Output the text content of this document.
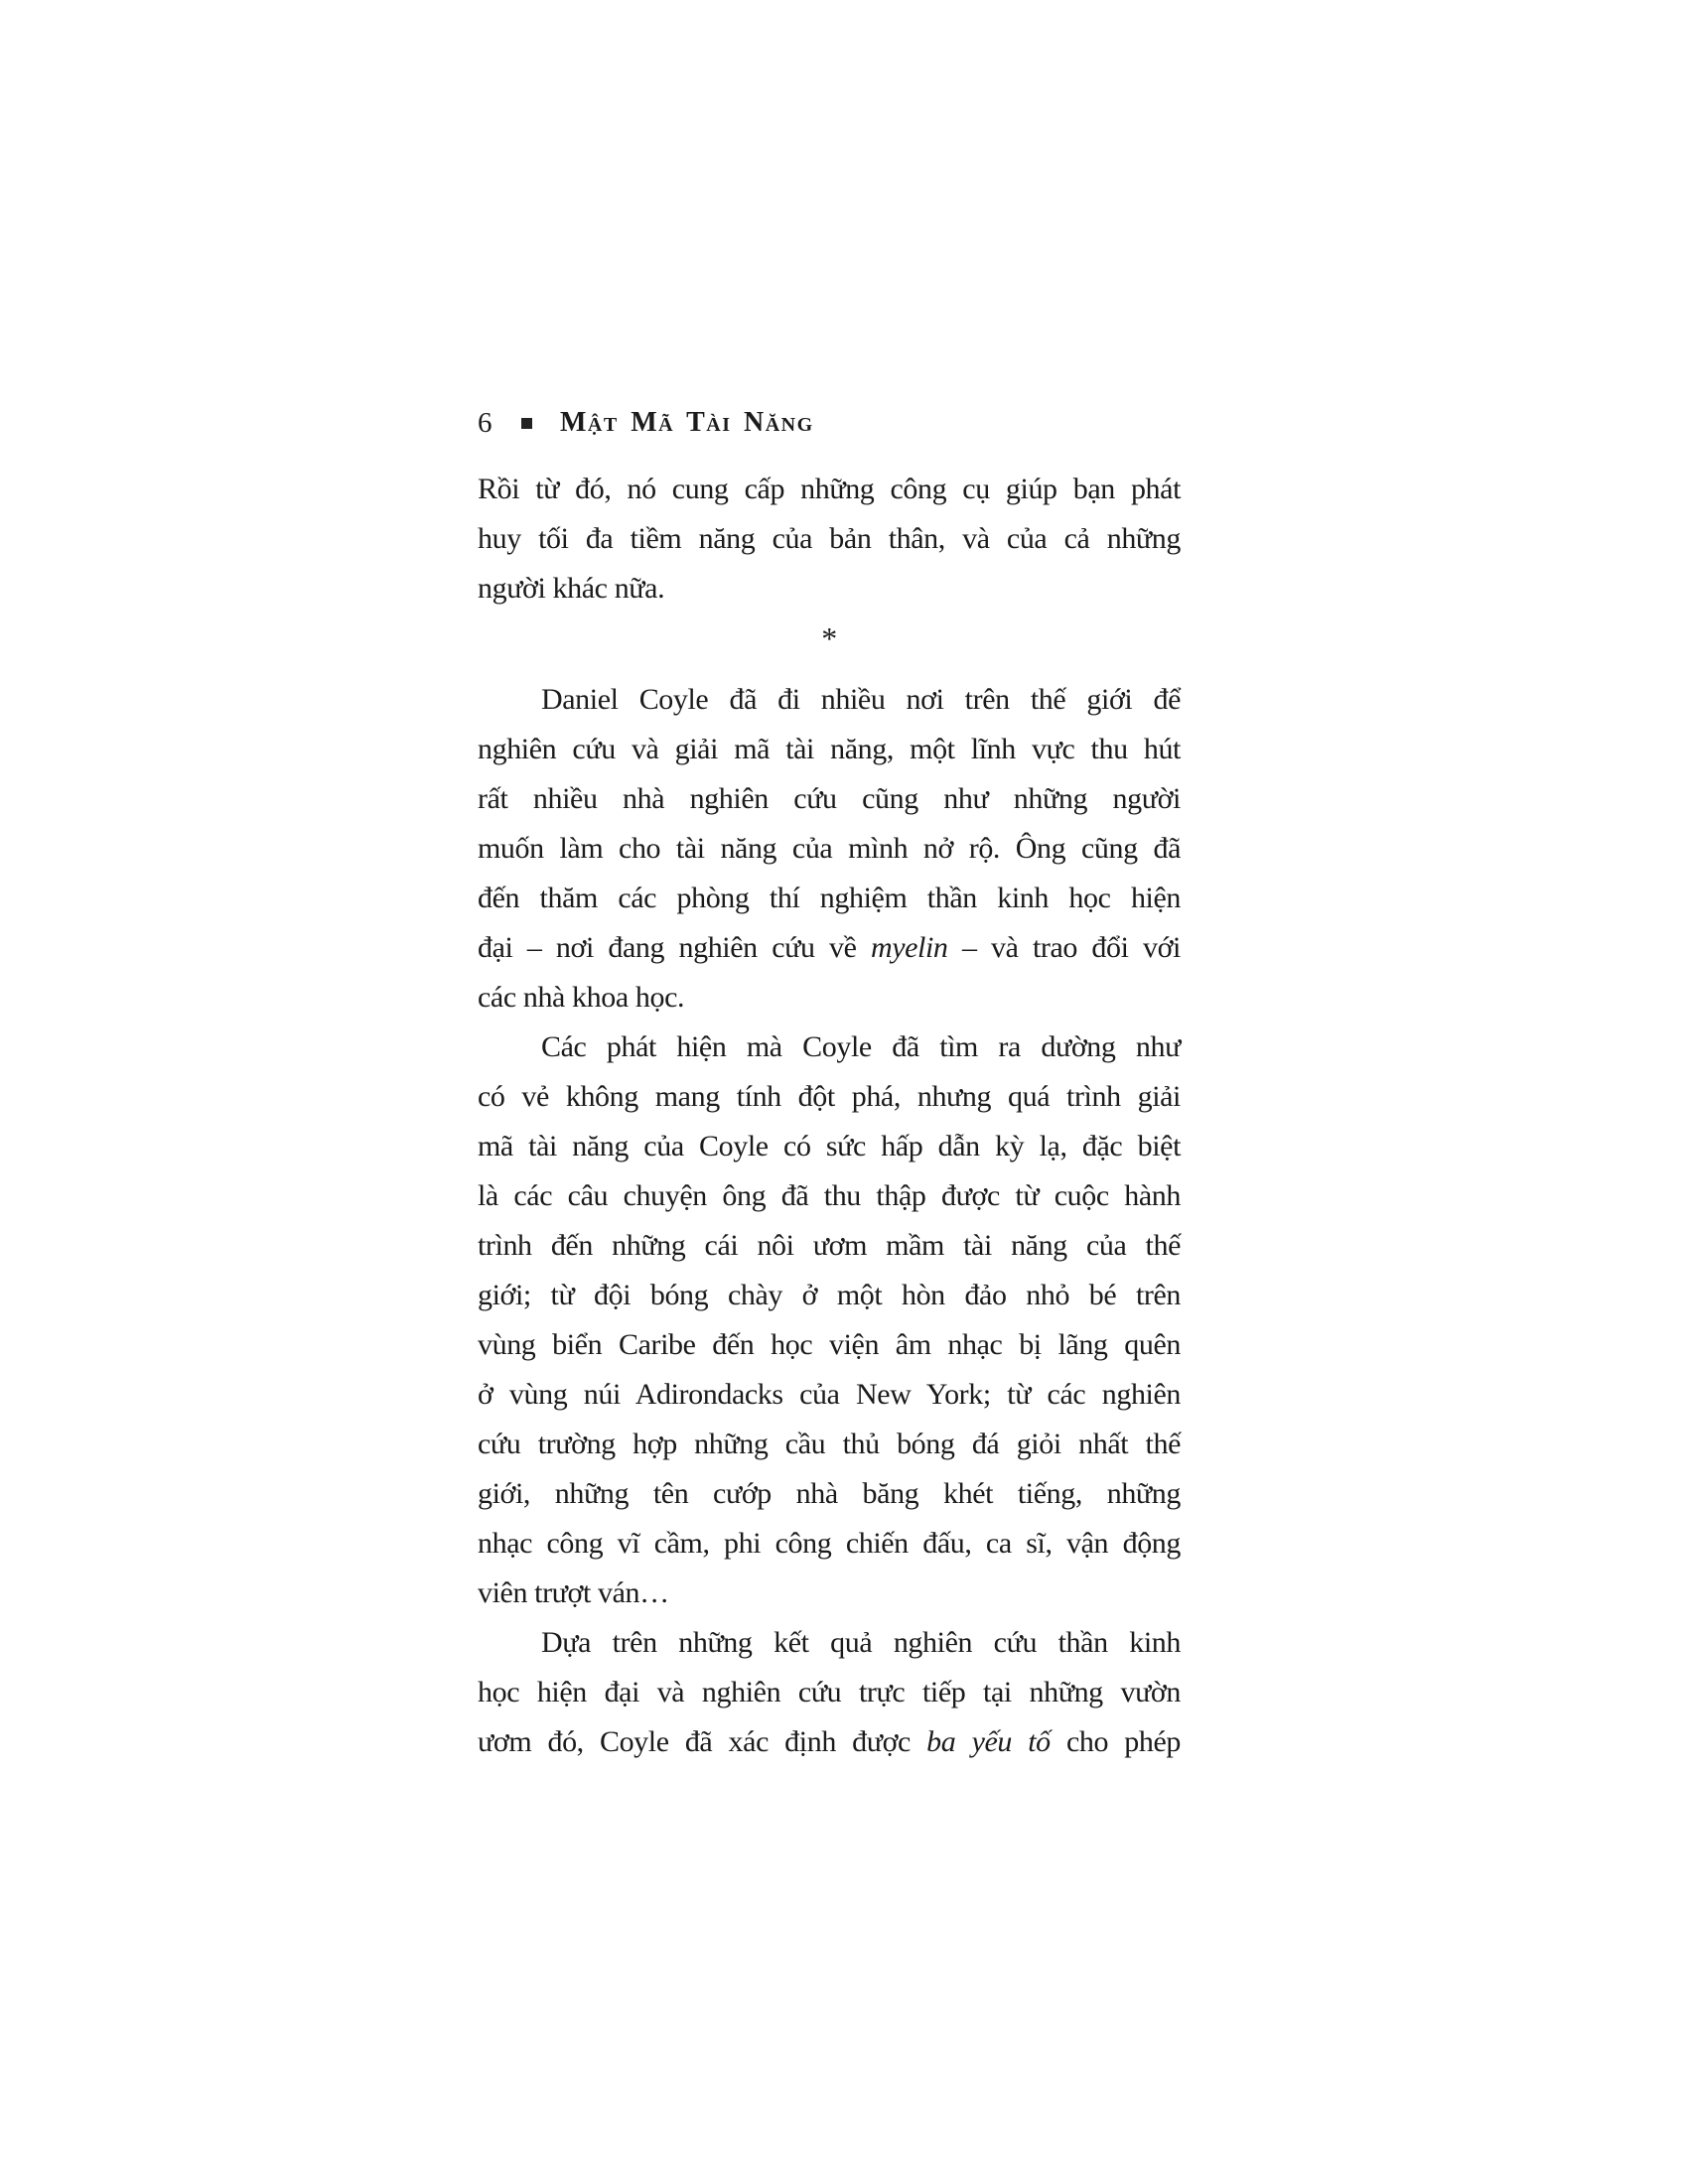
6 Mật Mã Tài Năng
Rồi từ đó, nó cung cấp những công cụ giúp bạn phát
huy tối đa tiềm năng của bản thân, và của cả những
người khác nữa.
*
Daniel Coyle đã đi nhiều nơi trên thế giới để
nghiên cứu và giải mã tài năng, một lĩnh vực thu hút
rất nhiều nhà nghiên cứu cũng như những người
muốn làm cho tài năng của mình nở rộ. Ông cũng đã
đến thăm các phòng thí nghiệm thần kinh học hiện
đại – nơi đang nghiên cứu về myelin – và trao đổi với
các nhà khoa học.
Các phát hiện mà Coyle đã tìm ra dường như
có vẻ không mang tính đột phá, nhưng quá trình giải
mã tài năng của Coyle có sức hấp dẫn kỳ lạ, đặc biệt
là các câu chuyện ông đã thu thập được từ cuộc hành
trình đến những cái nôi ươm mầm tài năng của thế
giới; từ đội bóng chày ở một hòn đảo nhỏ bé trên
vùng biển Caribe đến học viện âm nhạc bị lãng quên
ở vùng núi Adirondacks của New York; từ các nghiên
cứu trường hợp những cầu thủ bóng đá giỏi nhất thế
giới, những tên cướp nhà băng khét tiếng, những
nhạc công vĩ cầm, phi công chiến đấu, ca sĩ, vận động
viên trượt ván…
Dựa trên những kết quả nghiên cứu thần kinh
học hiện đại và nghiên cứu trực tiếp tại những vườn
ươm đó, Coyle đã xác định được ba yếu tố cho phép
